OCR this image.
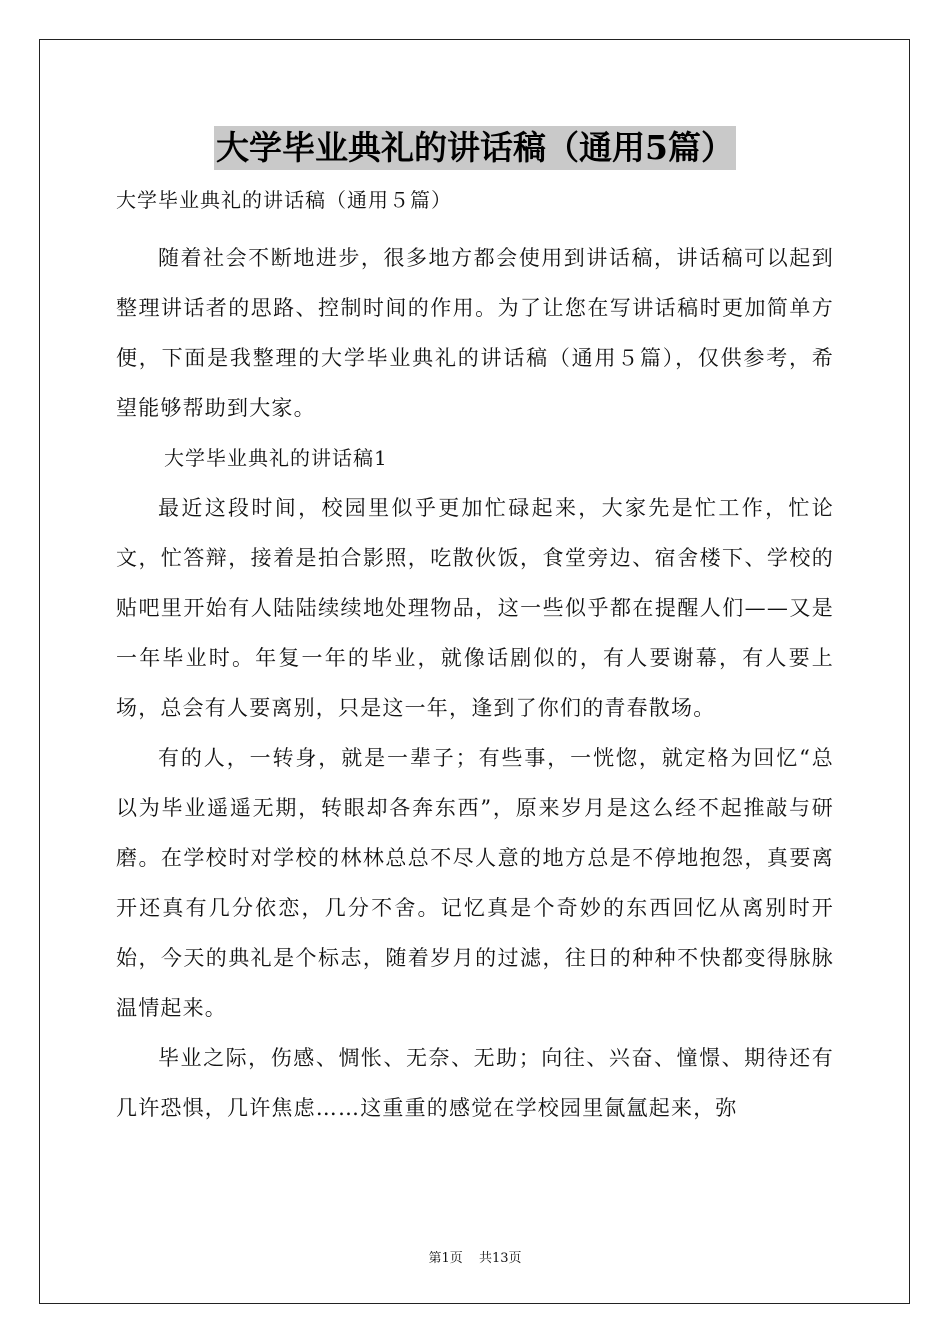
大学毕业典礼的讲话稿（通用5篇）

大学毕业典礼的讲话稿（通用５篇）

随着社会不断地进步，很多地方都会使用到讲话稿，讲话稿可以起到整理讲话者的思路、控制时间的作用。为了让您在写讲话稿时更加简单方便，下面是我整理的大学毕业典礼的讲话稿（通用５篇），仅供参考，希望能够帮助到大家。

大学毕业典礼的讲话稿1

最近这段时间，校园里似乎更加忙碌起来，大家先是忙工作，忙论文，忙答辩，接着是拍合影照，吃散伙饭，食堂旁边、宿舍楼下、学校的贴吧里开始有人陆陆续续地处理物品，这一些似乎都在提醒人们——又是一年毕业时。年复一年的毕业，就像话剧似的，有人要谢幕，有人要上场，总会有人要离别，只是这一年，逢到了你们的青春散场。

有的人，一转身，就是一辈子；有些事，一恍惚，就定格为回忆“总以为毕业遥遥无期，转眼却各奔东西”，原来岁月是这么经不起推敲与研磨。在学校时对学校的林林总总不尽人意的地方总是不停地抱怨，真要离开还真有几分依恋，几分不舍。记忆真是个奇妙的东西回忆从离别时开始，今天的典礼是个标志，随着岁月的过滤，往日的种种不快都变得脉脉温情起来。

毕业之际，伤感、惆怅、无奈、无助；向往、兴奋、憧憬、期待还有几许恐惧，几许焦虑……这重重的感觉在学校园里氤氲起来，弥

第1页 共13页
